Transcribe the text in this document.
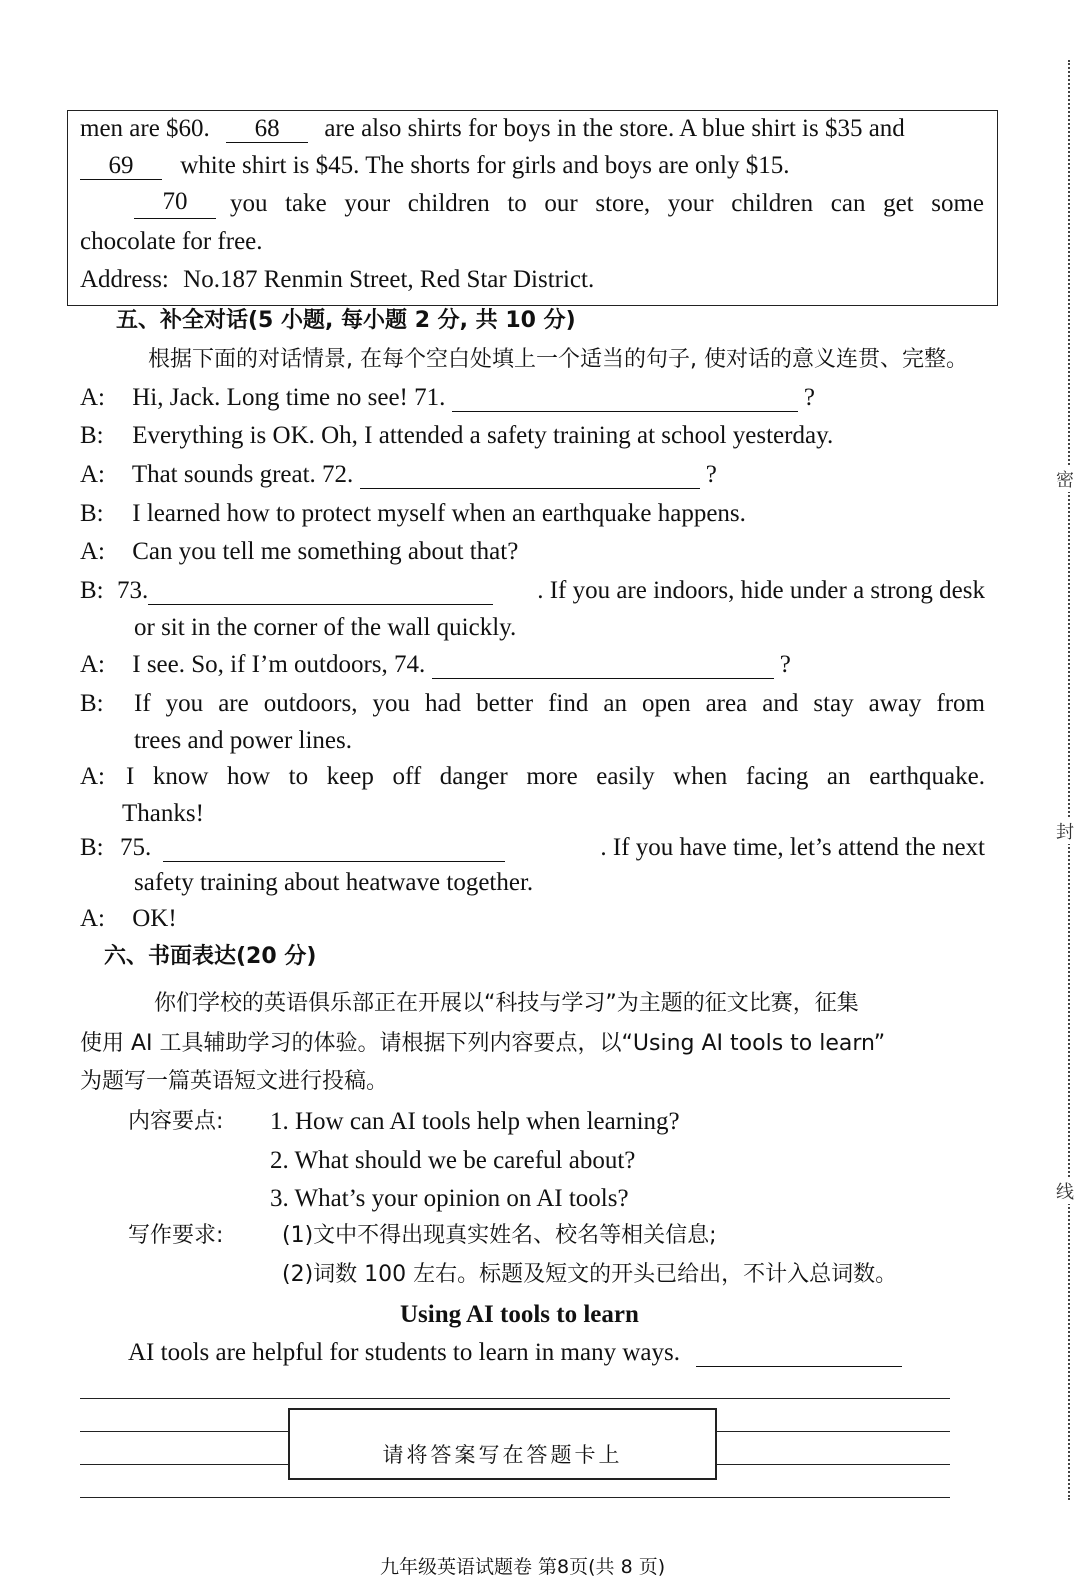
men are $60. 68 are also shirts for boys in the store. A blue shirt is $35 and
69 white shirt is $45. The shorts for girls and boys are only $15.
70	you take your children to our store, your children can get some
chocolate for free.
Address: No.187 Renmin Street, Red Star District.
五、补全对话(5 小题, 每小题 2 分, 共 10 分)
根据下面的对话情景, 在每个空白处填上一个适当的句子, 使对话的意义连贯、完整。
A: Hi, Jack. Long time no see! 71.	?
B: Everything is OK. Oh, I attended a safety training at school yesterday.
A: That sounds great. 72.	?
B: I learned how to protect myself when an earthquake happens.
A: Can you tell me something about that?
B: 73.	. If you are indoors, hide under a strong desk
or sit in the corner of the wall quickly.
A: I see. So, if I’m outdoors, 74.	?
B:	If you are outdoors, you had better find an open area and stay away from
trees and power lines.
A: I know how to keep off danger more easily when facing an earthquake.
Thanks!
B: 75.	. If you have time, let’s attend the next
safety training about heatwave together.
A: OK!
六、书面表达(20 分)
你们学校的英语俱乐部正在开展以“科技与学习”为主题的征文比赛，征集
使用 AI 工具辅助学习的体验。请根据下列内容要点，以“Using AI tools to learn”
为题写一篇英语短文进行投稿。
内容要点: 1. How can AI tools help when learning?
2. What should we be careful about?
3. What’s your opinion on AI tools?
写作要求:	(1)文中不得出现真实姓名、校名等相关信息;
(2)词数 100 左右。标题及短文的开头已给出，不计入总词数。
Using AI tools to learn
AI tools are helpful for students to learn in many ways.
请将答案写在答题卡上
密
封
线
九年级英语试题卷 第8页(共 8 页)
